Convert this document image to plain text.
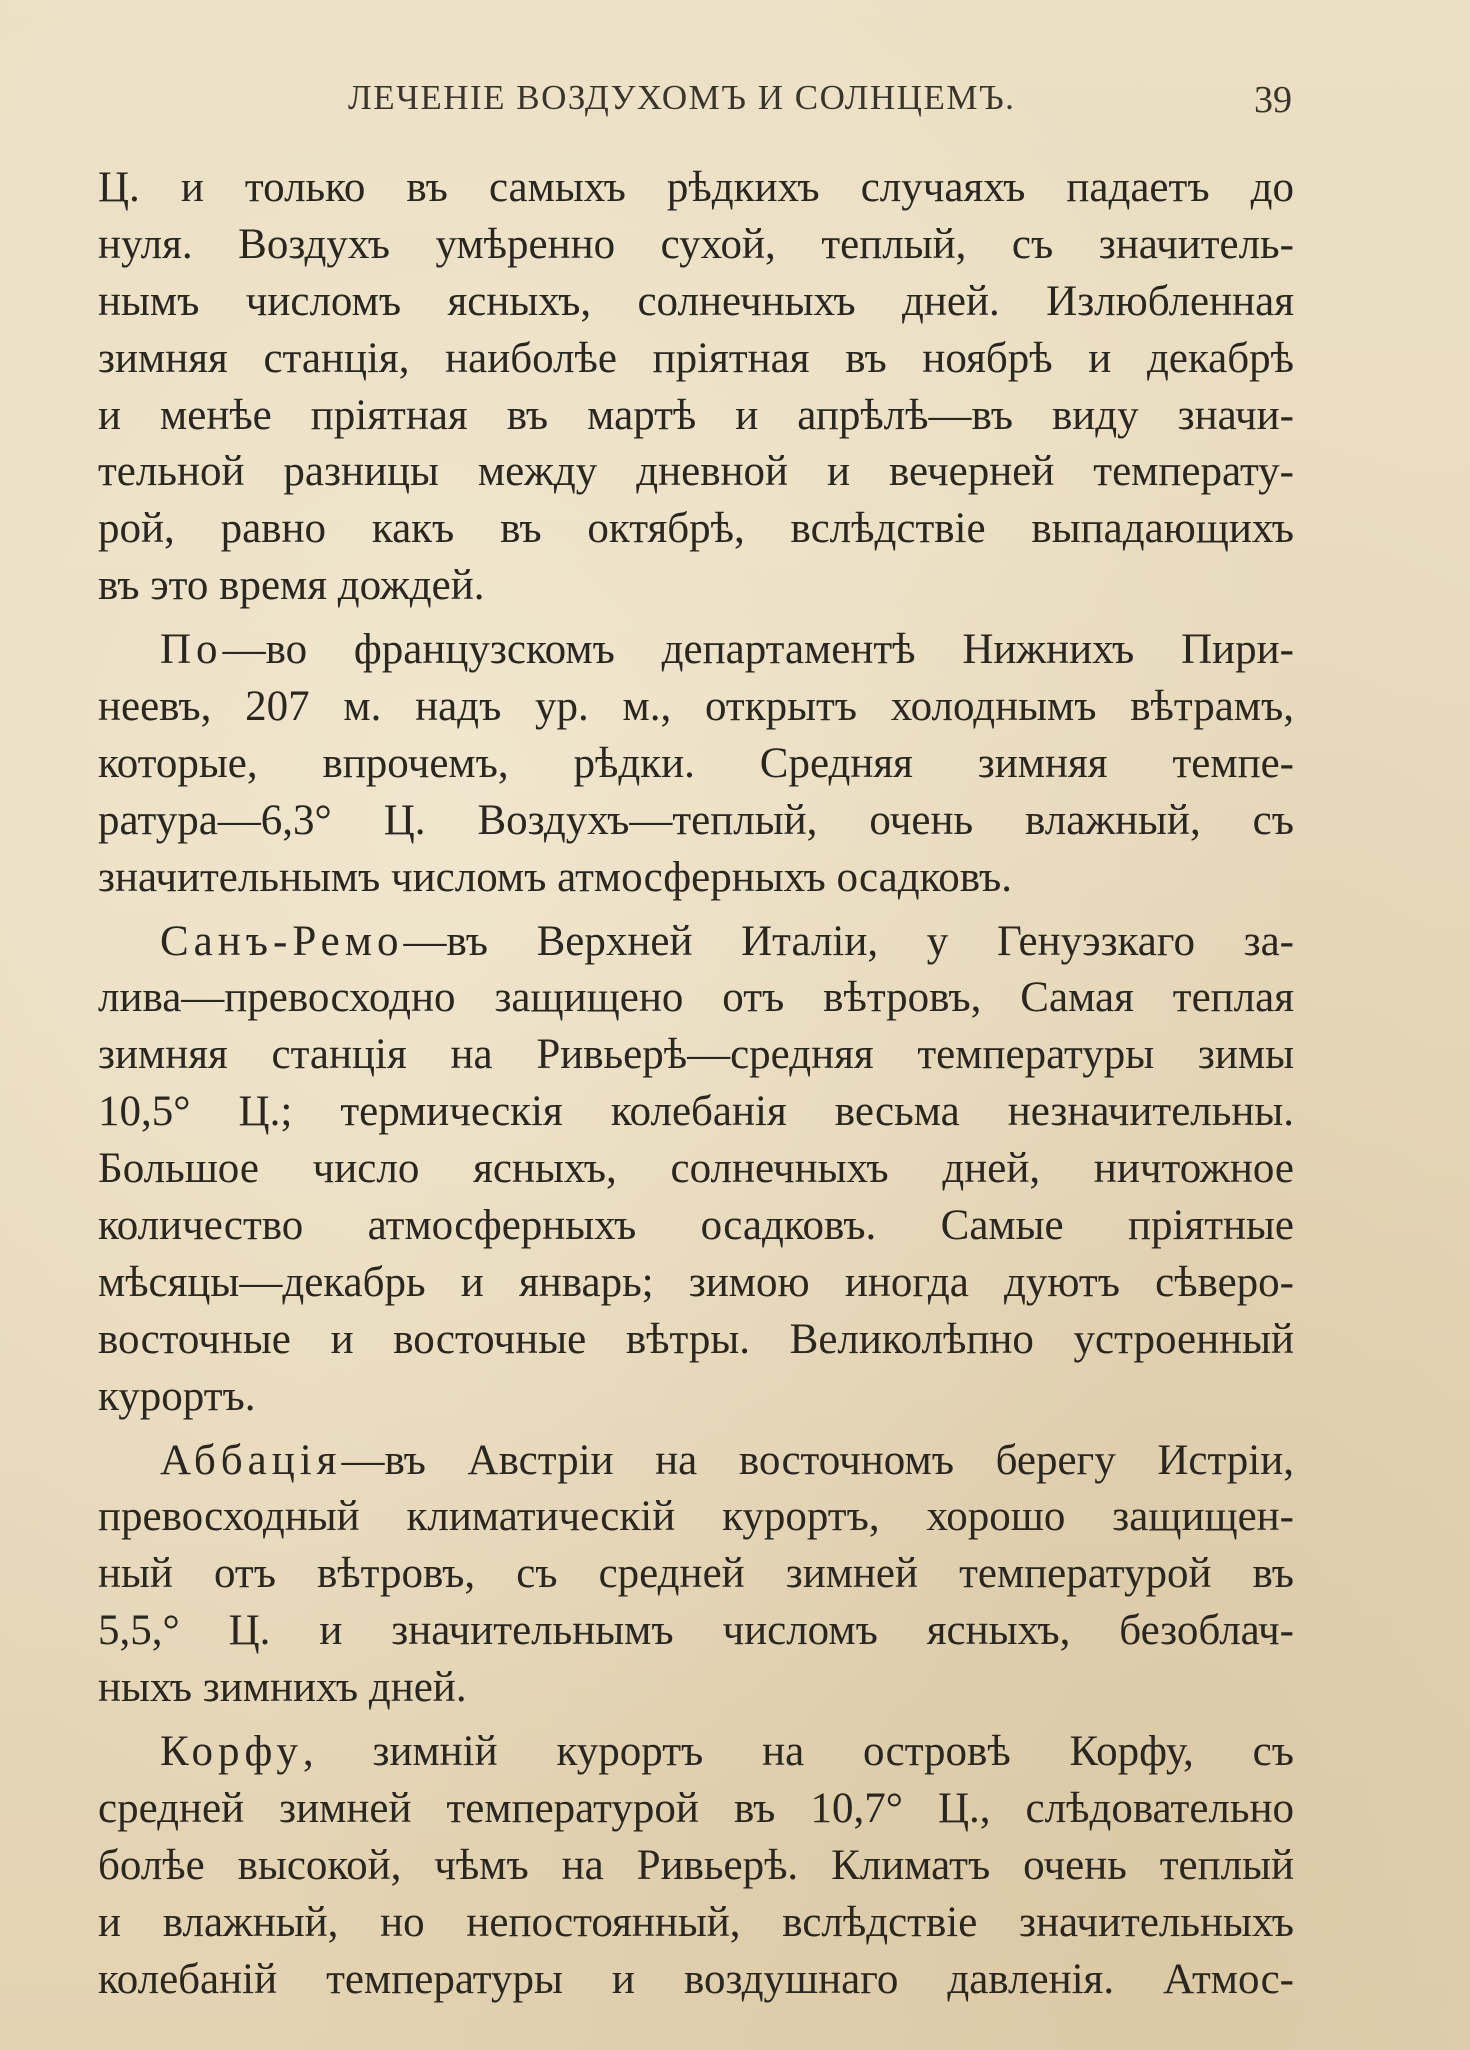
ЛЕЧЕНІЕ ВОЗДУХОМЪ И СОЛНЦЕМЪ.	39
Ц. и только въ самыхъ рѣдкихъ случаяхъ падаетъ до
нуля. Воздухъ умѣренно сухой, теплый, съ значитель-
нымъ числомъ ясныхъ, солнечныхъ дней. Излюбленная
зимняя станція, наиболѣе пріятная въ ноябрѣ и декабрѣ
и менѣе пріятная въ мартѣ и апрѣлѣ—въ виду значи-
тельной разницы между дневной и вечерней температу-
рой, равно какъ въ октябрѣ, вслѣдствіе выпадающихъ
въ это время дождей.
По—во французскомъ департаментѣ Нижнихъ Пири-
неевъ, 207 м. надъ ур. м., открытъ холоднымъ вѣтрамъ,
которые, впрочемъ, рѣдки. Средняя зимняя темпе-
ратура—6,3° Ц. Воздухъ—теплый, очень влажный, съ
значительнымъ числомъ атмосферныхъ осадковъ.
Санъ-Ремо—въ Верхней Италіи, у Генуэзкаго за-
лива—превосходно защищено отъ вѣтровъ, Самая теплая
зимняя станція на Ривьерѣ—средняя температуры зимы
10,5° Ц.; термическія колебанія весьма незначительны.
Большое число ясныхъ, солнечныхъ дней, ничтожное
количество атмосферныхъ осадковъ. Самые пріятные
мѣсяцы—декабрь и январь; зимою иногда дуютъ сѣверо-
восточные и восточные вѣтры. Великолѣпно устроенный
курортъ.
Аббація—въ Австріи на восточномъ берегу Истріи,
превосходный климатическій курортъ, хорошо защищен-
ный отъ вѣтровъ, съ средней зимней температурой въ
5,5,° Ц. и значительнымъ числомъ ясныхъ, безоблач-
ныхъ зимнихъ дней.
Корфу, зимній курортъ на островѣ Корфу, съ
средней зимней температурой въ 10,7° Ц., слѣдовательно
болѣе высокой, чѣмъ на Ривьерѣ. Климатъ очень теплый
и влажный, но непостоянный, вслѣдствіе значительныхъ
колебаній температуры и воздушнаго давленія. Атмос-
